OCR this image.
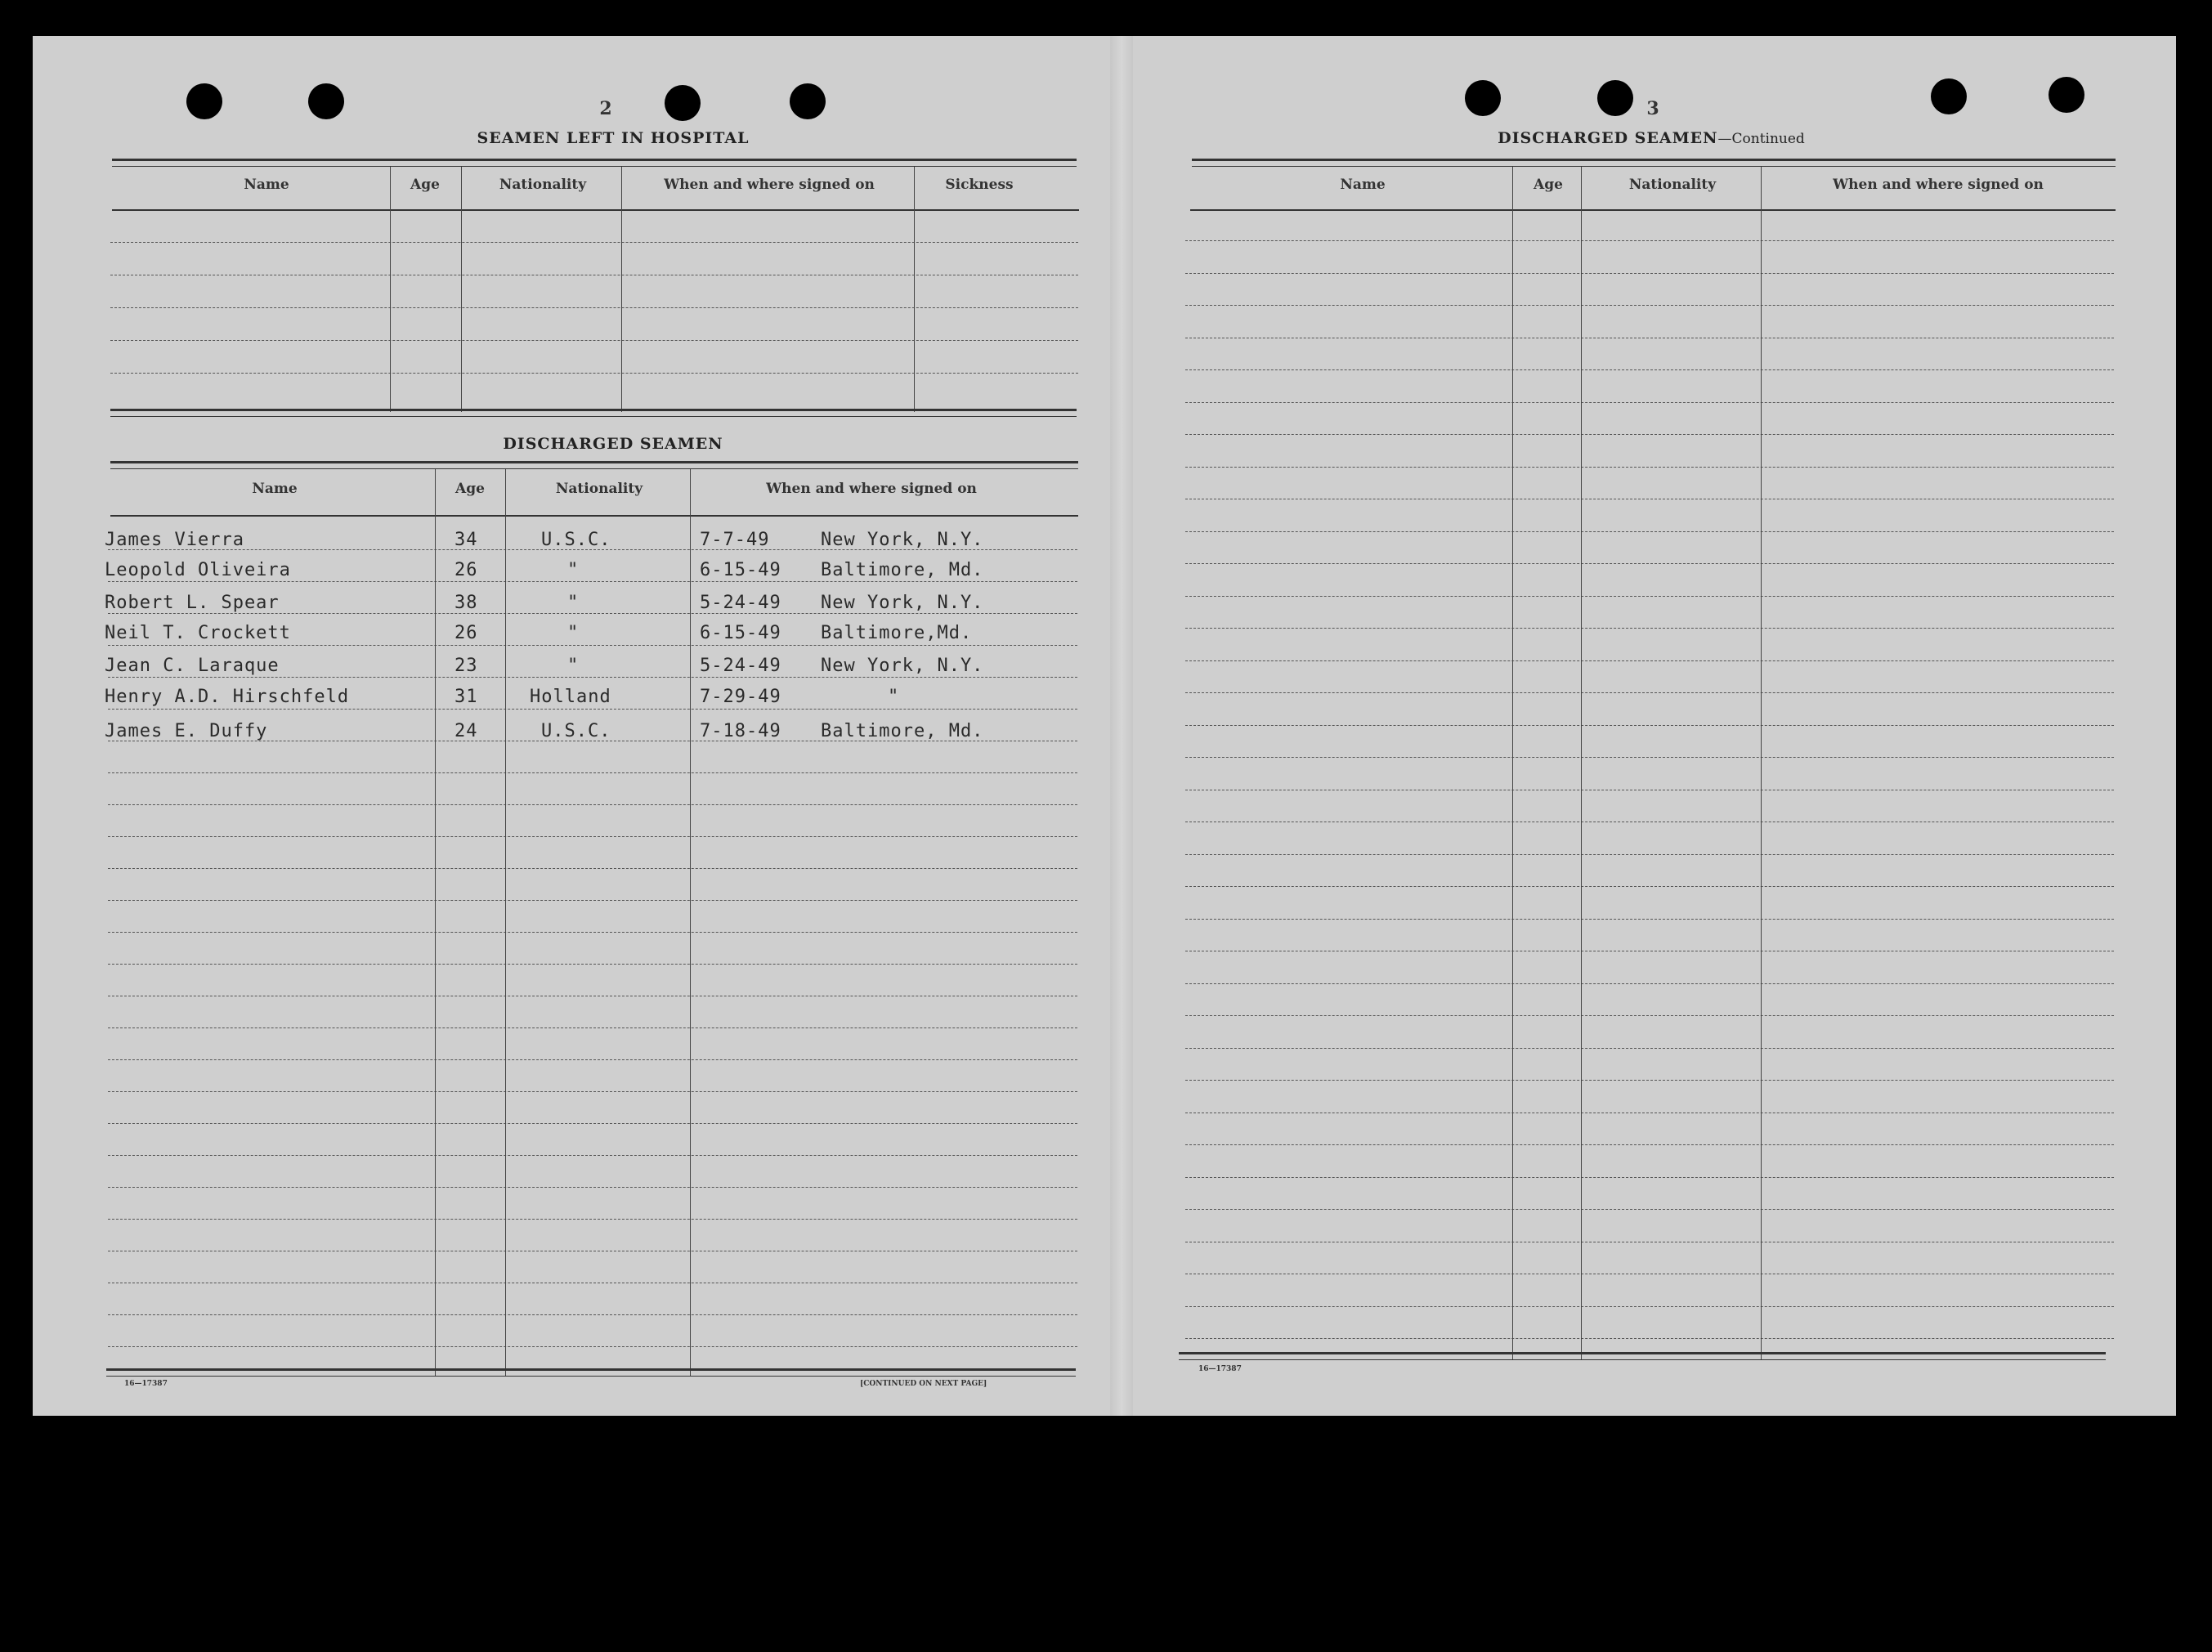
2
SEAMEN LEFT IN HOSPITAL
Name	Age	Nationality	When and where signed on	Sickness
DISCHARGED SEAMEN
Name	Age	Nationality	When and where signed on
James Vierra	34	U.S.C.	7-7-49	New York, N.Y.
Leopold Oliveira	26	"	6-15-49 Baltimore, Md.
Robert L. Spear	38	"	5-24-49 New York, N.Y.
Neil T. Crockett	26	"	6-15-49 Baltimore,Md.
Jean C. Laraque	23	"	5-24-49 New York, N.Y.
Henry A.D. Hirschfeld	31	Holland	7-29-49	"
James E. Duffy	24	U.S.C.	7-18-49 Baltimore, Md.
16—17387	[CONTINUED ON NEXT PAGE]
3
DISCHARGED SEAMEN—Continued
Name	Age	Nationality	When and where signed on
16—17387
